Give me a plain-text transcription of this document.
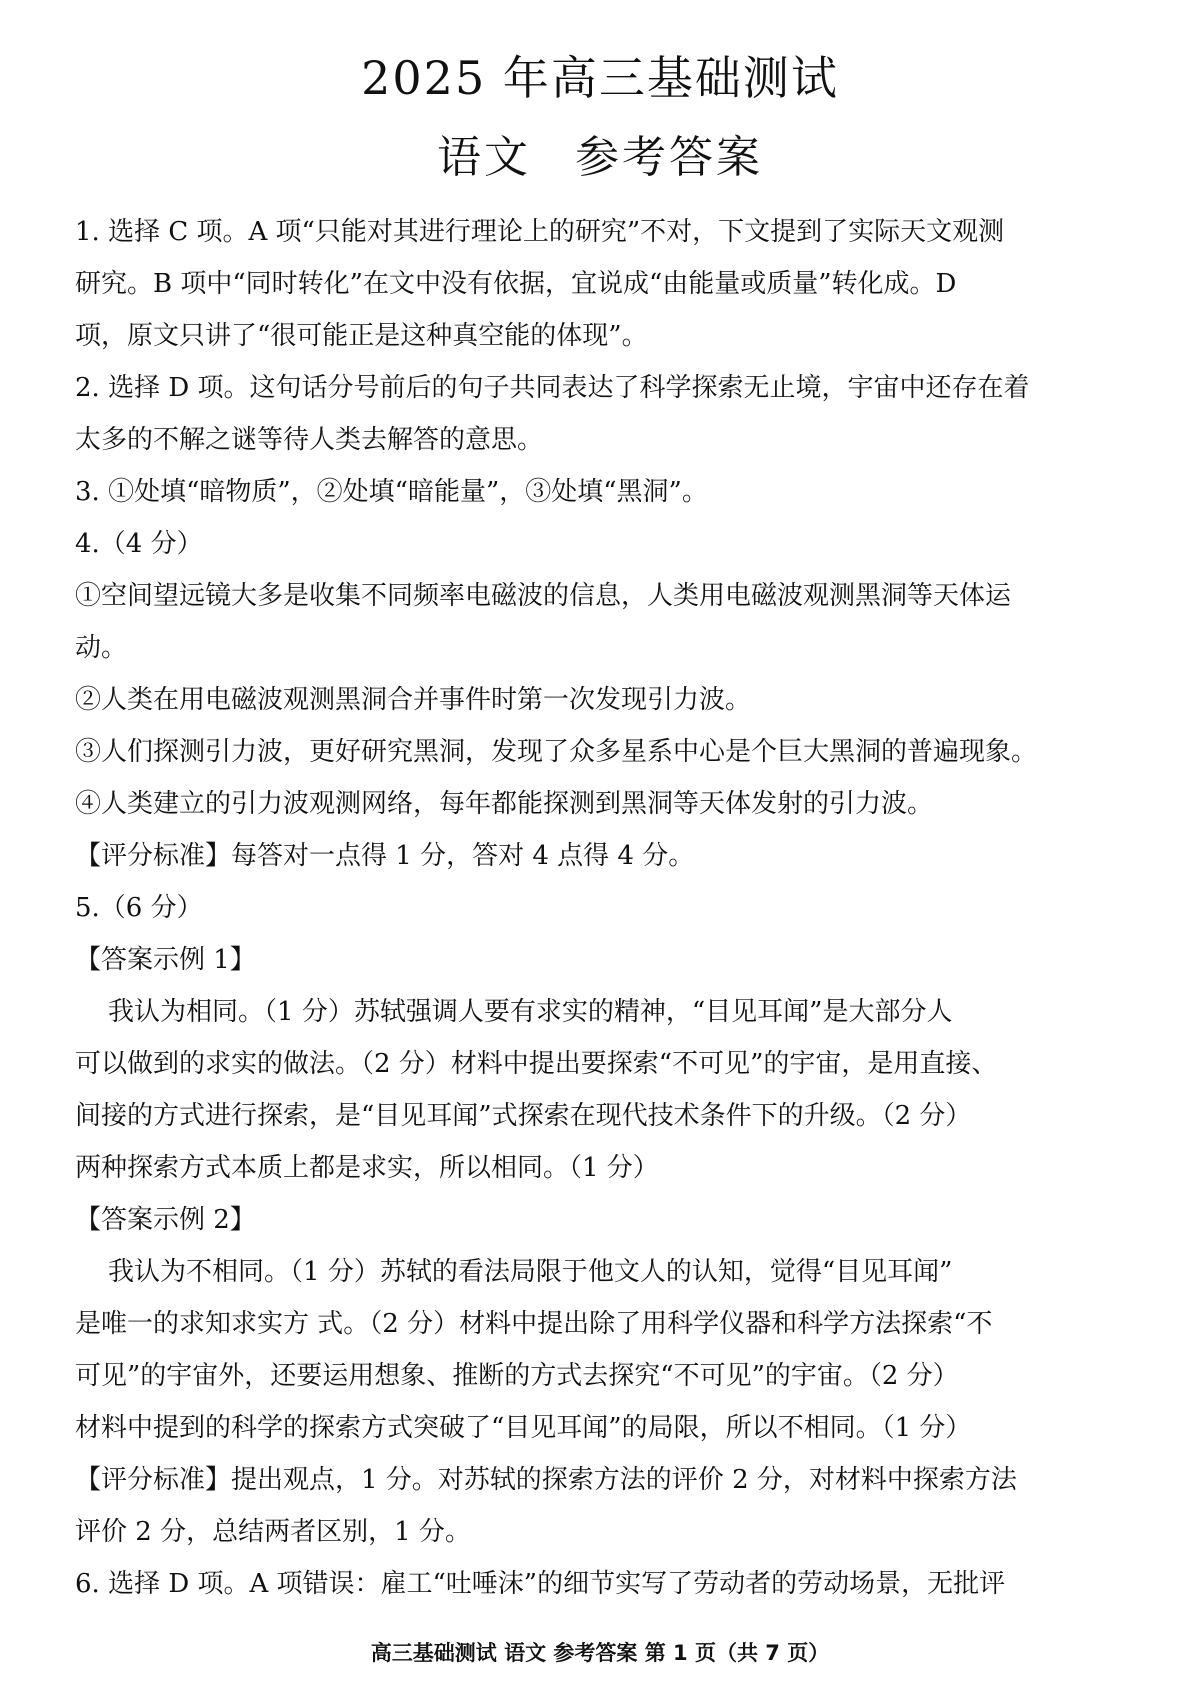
2025 年高三基础测试
语文 参考答案
1. 选择 C 项。A 项“只能对其进行理论上的研究”不对，下文提到了实际天文观测
研究。B 项中“同时转化”在文中没有依据，宜说成“由能量或质量”转化成。D
项，原文只讲了“很可能正是这种真空能的体现”。
2. 选择 D 项。这句话分号前后的句子共同表达了科学探索无止境，宇宙中还存在着
太多的不解之谜等待人类去解答的意思。
3. ①处填“暗物质”，②处填“暗能量”，③处填“黑洞”。
4.（4 分）
①空间望远镜大多是收集不同频率电磁波的信息，人类用电磁波观测黑洞等天体运
动。
②人类在用电磁波观测黑洞合并事件时第一次发现引力波。
③人们探测引力波，更好研究黑洞，发现了众多星系中心是个巨大黑洞的普遍现象。
④人类建立的引力波观测网络，每年都能探测到黑洞等天体发射的引力波。
【评分标准】每答对一点得 1 分，答对 4 点得 4 分。
5.（6 分）
【答案示例 1】
我认为相同。（1 分）苏轼强调人要有求实的精神，“目见耳闻”是大部分人
可以做到的求实的做法。（2 分）材料中提出要探索“不可见”的宇宙，是用直接、
间接的方式进行探索，是“目见耳闻”式探索在现代技术条件下的升级。（2 分）
两种探索方式本质上都是求实，所以相同。（1 分）
【答案示例 2】
我认为不相同。（1 分）苏轼的看法局限于他文人的认知，觉得“目见耳闻”
是唯一的求知求实方 式。（2 分）材料中提出除了用科学仪器和科学方法探索“不
可见”的宇宙外，还要运用想象、推断的方式去探究“不可见”的宇宙。（2 分）
材料中提到的科学的探索方式突破了“目见耳闻”的局限，所以不相同。（1 分）
【评分标准】提出观点，1 分。对苏轼的探索方法的评价 2 分，对材料中探索方法
评价 2 分，总结两者区别，1 分。
6. 选择 D 项。A 项错误：雇工“吐唾沫”的细节实写了劳动者的劳动场景，无批评
高三基础测试 语文 参考答案 第 1 页（共 7 页）
